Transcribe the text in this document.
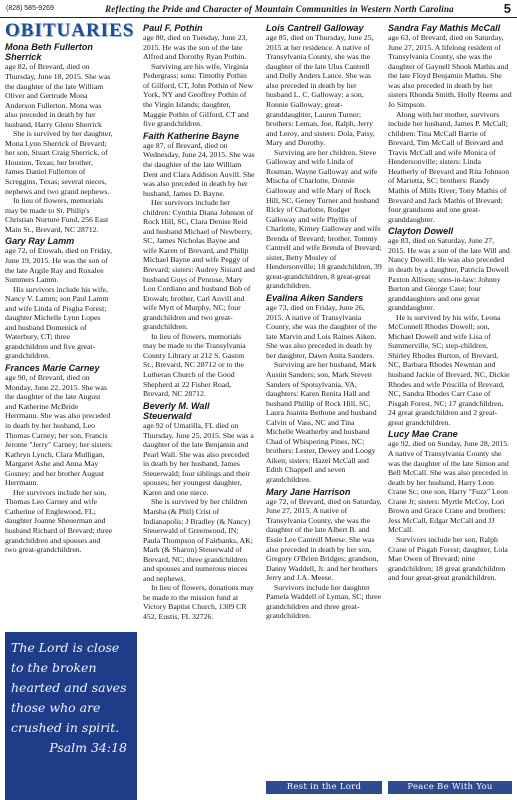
(828) 585-9269	Reflecting the Pride and Character of Mountain Communities in Western North Carolina	5
OBITUARIES
Mona Beth Fullerton Sherrick
age 82, of Brevard, died on Thursday, June 18, 2015. She was the daughter of the late William Oliver and Gertrude Mona Anderson Fullerton. Mona was also preceded in death by her husband, Harry Glenn Sherrick
She is survived by her daughter, Mona Lynn Sherrick of Brevard; her son, Stuart Craig Sherrick, of Houston, Texas; her brother, James Daniel Fullerton of Screggins, Texas; several nieces, nephews and two grand nephews.
In lieu of flowers, memorials may be made to St. Philip's Christian Nurture Fund, 256 East Main St., Brevard, NC 28712.
Gary Ray Lamm
age 72, of Etowah, died on Friday, June 19, 2015. He was the son of the late Argile Ray and Roxalee Summers Lamm.
His survivors include his wife, Nancy V. Lamm; son Paul Lamm and wife Linda of Pisgha Forest; daughter Michelle Lynn Lopes and husband Domenick of Waterbury, CT; three grandchildren and five great-grandchildren.
Frances Marie Carney
age 90, of Brevard, died on Monday, June 22, 2015. She was the daughter of the late August and Katherine McBride Herrmann. She was also preceded in death by her husband, Leo Thomas Carney; her son, Francis Jerome "Jerry" Carney; her sisters: Kathryn Lynch, Clara Mulligan, Margaret Ashe and Anna May Gosney; and her brother August Herrmann.
Her survivors include her son, Thomas Leo Carney and wife Catherine of Englewood, FL; daughter Joanne Sheuerman and husband Richard of Brevard; three grandchildren and spouses and two great-grandchildren.
Paul F. Pothin
age 80, died on Tuesday, June 23, 2015. He was the son of the late Alfred and Dorothy Ryan Pothin.
Surviving are his wife, Virginia Pedergrass; sons: Timothy Pothin of Gilford, CT, John Pothin of New York, NY and Geoffrey Pothin of the Virgin Islands; daughter, Maggie Pothin of Gilford, CT and five grandchildren.
Faith Katherine Bayne
age 87, of Brevard, died on Wednesday, June 24, 2015. She was the daughter of the late William Dent and Clara Addison Auvill. She was also preceded in death by her husband, James D. Bayne.
Her survivors include her children: Cynthia Diana Johnson of Rock Hill, SC, Clara Denise Reid and husband Michael of Newberry, SC, James Nicholas Bayne and wife Karen of Brevard, and Philip Michael Bayne and wife Peggy of Brevard; sisters: Audrey Sisiard and husband Guys of Penrose, Mary Lou Cordiano and husband Bob of Etowah; brother, Carl Auvill and wife Myrt of Murphy, NC; four grandchildren and two great-grandchildren.
In lieu of flowers, memorials may be made to the Transylvania County Library at 212 S. Gaston St., Brevard, NC 28712 or to the Lutheran Church of the Good Shepherd at 22 Fisher Road, Brevard, NC 28712.
Beverly M. Wall Steuerwald
age 92 of Umatilla, FL died on Thursday, June 25, 2015. She was a daughter of the late Benjamin and Pearl Wall. She was also preceded in death by her husband, James Steuerwald; four siblings and their spouses; her youngest daughter, Karen and one niece.
She is survived by her children Marsha (& Phil) Crist of Indianapolis; J Bradley (& Nancy) Steuerwald of Greenwood, IN; Paula Thompson of Fairbanks, AK; Mark (& Sharon) Steuerwald of Brevard, NC; three grandchildren and spouses and numerous nieces and nephews.
In lieu of flowers, donations may be made to the mission fund at Victory Baptist Church, 1309 CR 452, Eustis, FL 32726.
Lois Cantrell Galloway
age 85, died on Thursday, June 25, 2015 at her residence. A native of Transylvania County, she was the daughter of the late Ulus Cantrell and Dolly Anders Lance. She was also preceded in death by her husband L. C. Galloway; a son, Ronnie Galloway; great-granddaughter, Lauren Turner; brothers: Leman, Joe, Ralph, Jerry and Leroy, and sisters: Dola, Patsy, Mary and Dorothy.
Surviving are her children, Steve Galloway and wife Linda of Rosman, Wayne Galloway and wife Mischa of Charlotte, Donnie Galloway and wife Mary of Rock Hill, SC, Geney Turner and husband Ricky of Charlotte, Rodger Galloway and wife Phyllis of Charlotte, Kimey Galloway and wife Brenda of Brevard; brother, Tommy Cantrell and wife Brenda of Brevard; sister, Betty Mosley of Hendersonville; 18 grandchildren, 39 great-grandchildren, 8 great-great grandchildren.
Evalina Aiken Sanders
age 73, died on Friday, June 26, 2015. A native of Transylvania County, she was the daughter of the late Marvin and Lois Raines Aiken. She was also preceded in death by her daughter, Dawn Anita Sanders.
Surviving are her husband, Mark Austin Sanders; son, Mark Steven Sanders of Spotsylvania, VA; daughters: Karen Renita Hall and husband Phillip of Rock Hill, SC, Laura Juanita Bethune and husband Calvin of Vass, NC and Tina Michelle Weatherby and husband Chad of Whispering Pines, NC; brothers: Lester, Dewey and Loogy Aiken; sisters: Hazel McCall and Edith Chappell and seven grandchildren.
Mary Jane Harrison
age 72, of Brevard, died on Saturday, June 27, 2015. A native of Transylvania County, she was the daughter of the late Albert B. and Essie Lee Cantrell Meese. She was also preceded in death by her son, Gregory O'Brien Bridges; grandson, Danny Waddell, Jr. and her brothers Jerry and J.A. Meese.
Survivors include her daughter Pamela Waddell of Lyman, SC; three grandchildren and three great-grandchildren.
Sandra Fay Mathis McCall
age 63, of Brevard, died on Saturday, June 27, 2015. A lifelong resident of Transylvania County, she was the daughter of Gaynell Shook Mathis and the late Floyd Benjamin Mathis. She was also preceded in death by her sisters Rhonda Smith, Holly Reems and Jo Simpson.
Along with her mother, survivors include her husband, James P. McCall; children: Tina McCall Barrie of Brevard, Tim McCall of Brevard and Travis McCall and wife Monica of Hendersonville; sisters: Linda Heatherly of Brevard and Rita Johnson of Marietta, SC; brothers: Randy Mathis of Mills River, Tony Mathis of Brevard and Jack Mathis of Brevard; four grandsons and one great-granddaughter.
Clayton Dowell
age 83, died on Saturday, June 27, 2015. He was a son of the late Will and Nancy Dowell. He was also preceded in death by a daughter, Patricia Dowell Paxton Allison; sons-in-law: Johnny Burton and George Case; four granddaughters and one great granddaughter.
He is survived by his wife, Leona McConnell Rhodes Dowell; son, Michael Dowell and wife Lisa of Summerville, SC; step-children, Shirley Rhodes Burton, of Brevard, NC, Barbara Rhodes Newman and husband Jackie of Brevard, NC, Dickie Rhodes and wife Priscilla of Brevard, NC, Sandra Rhodes Carr Case of Pisgah Forest, NC; 17 grandchildren, 24 great grandchildren and 2 great-great grandchildren.
Lucy Mae Crane
age 92, died on Sunday, June 28, 2015. A native of Transylvania County she was the daughter of the late Simon and Bell McCall. She was also preceded in death by her husband, Harry Leon Crane Sr.; one son, Harry "Fuzz" Leon Crane Jr; sisters: Myrtle McCoy, Lori Brown and Grace Crane and brothers: Jess McCall, Edgar McCall and JJ McCall.
Survivors include her son, Ralph Crane of Pisgah Forest; daughter, Lola Mae Owen of Brevard; nine grandchildren; 18 great grandchildren and four great-great grandchildren.
The Lord is close to the broken hearted and saves those who are crushed in spirit.
Psalm 34:18
Rest in the Lord	Peace Be With You
